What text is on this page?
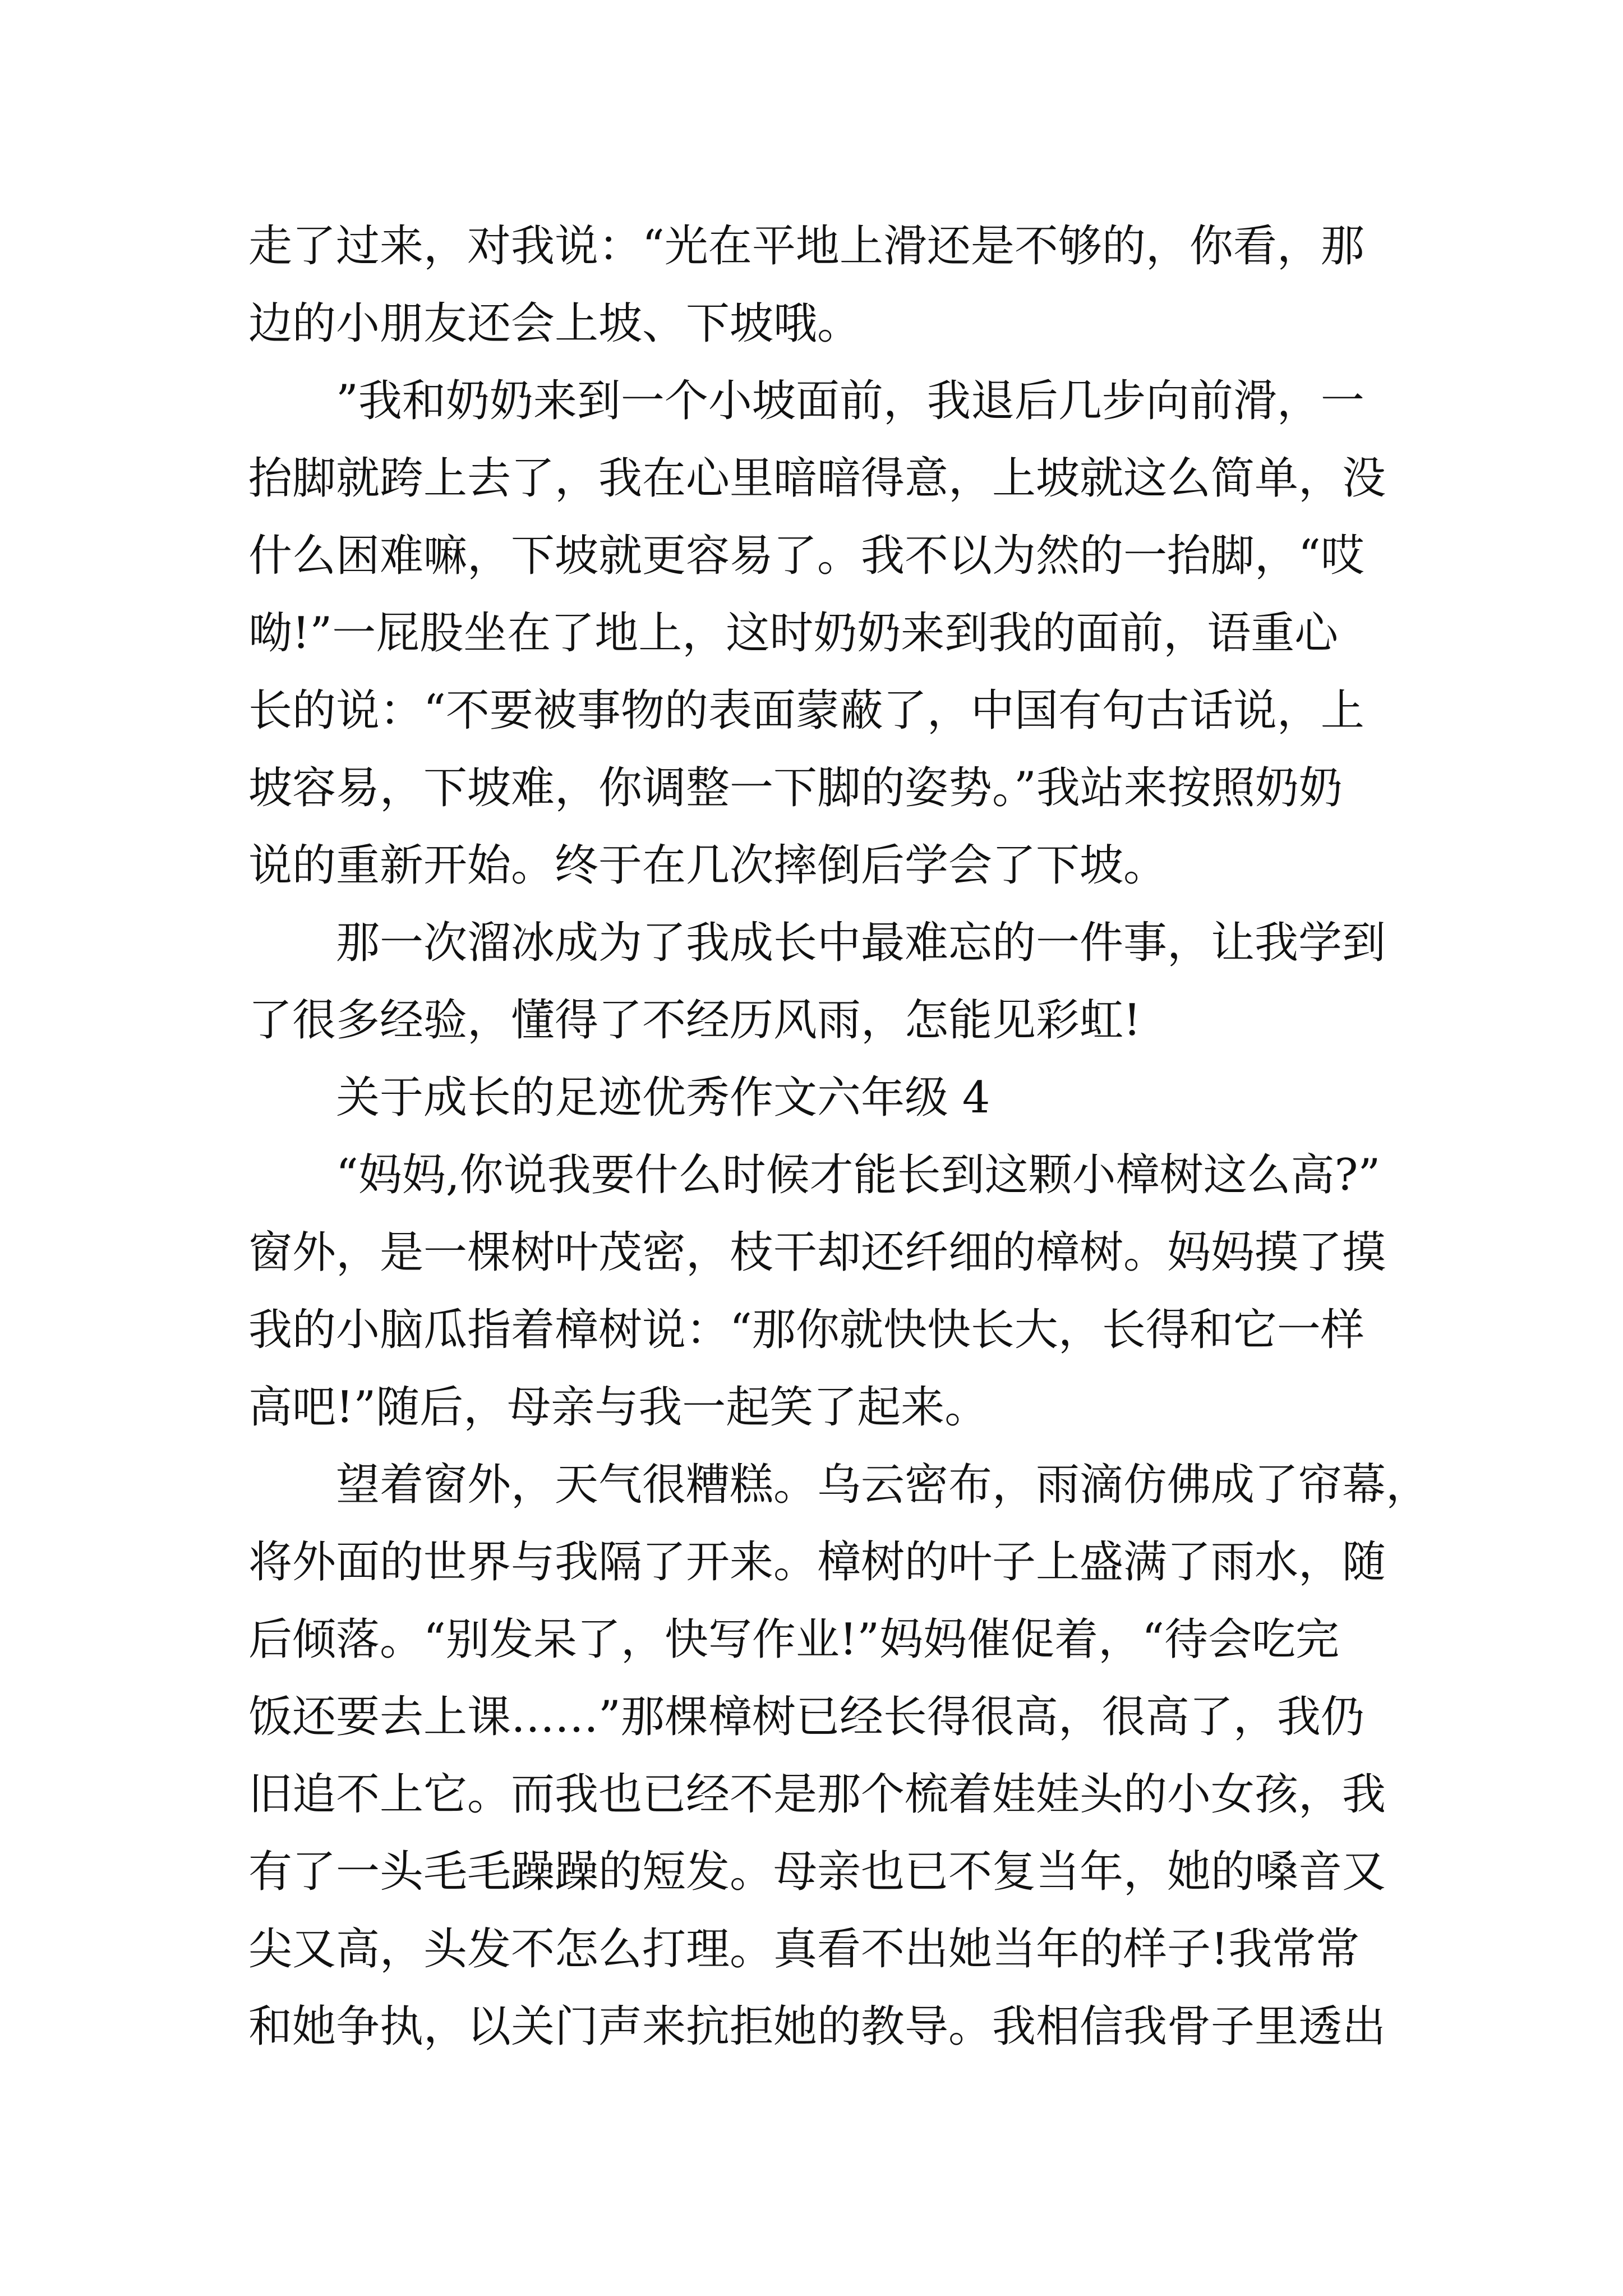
走了过来，对我说：“光在平地上滑还是不够的，你看，那
边的小朋友还会上坡、下坡哦。
　　”我和奶奶来到一个小坡面前，我退后几步向前滑，一
抬脚就跨上去了，我在心里暗暗得意，上坡就这么简单，没
什么困难嘛，下坡就更容易了。我不以为然的一抬脚，“哎
呦!”一屁股坐在了地上，这时奶奶来到我的面前，语重心
长的说：“不要被事物的表面蒙蔽了，中国有句古话说，上
坡容易，下坡难，你调整一下脚的姿势。”我站来按照奶奶
说的重新开始。终于在几次摔倒后学会了下坡。
　　那一次溜冰成为了我成长中最难忘的一件事，让我学到
了很多经验，懂得了不经历风雨，怎能见彩虹!
　　关于成长的足迹优秀作文六年级 4
　　“妈妈,你说我要什么时候才能长到这颗小樟树这么高?”
窗外，是一棵树叶茂密，枝干却还纤细的樟树。妈妈摸了摸
我的小脑瓜指着樟树说：“那你就快快长大，长得和它一样
高吧!”随后，母亲与我一起笑了起来。
　　望着窗外，天气很糟糕。乌云密布，雨滴仿佛成了帘幕，
将外面的世界与我隔了开来。樟树的叶子上盛满了雨水，随
后倾落。“别发呆了，快写作业!”妈妈催促着，“待会吃完
饭还要去上课……”那棵樟树已经长得很高，很高了，我仍
旧追不上它。而我也已经不是那个梳着娃娃头的小女孩，我
有了一头毛毛躁躁的短发。母亲也已不复当年，她的嗓音又
尖又高，头发不怎么打理。真看不出她当年的样子!我常常
和她争执，以关门声来抗拒她的教导。我相信我骨子里透出
